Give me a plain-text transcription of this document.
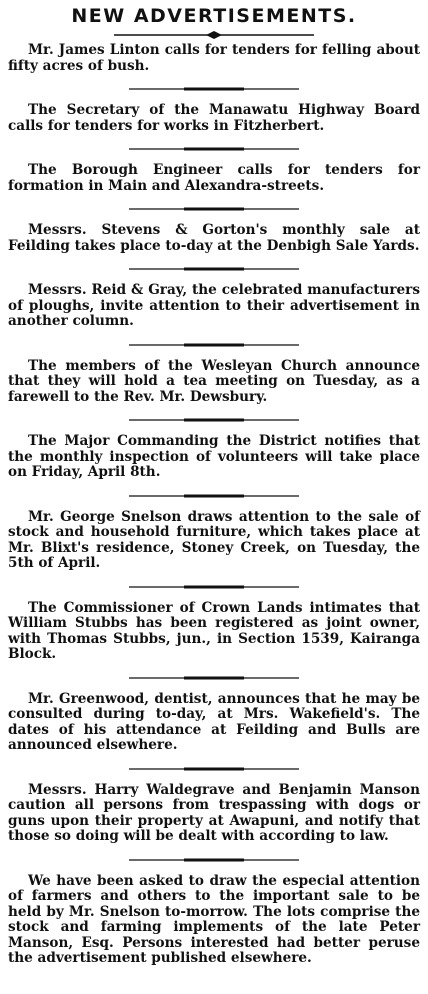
NEW ADVERTISEMENTS.

Mr. James Linton calls for tenders for felling about fifty acres of bush.

The Secretary of the Manawatu Highway Board calls for tenders for works in Fitzherbert.

The Borough Engineer calls for tenders for formation in Main and Alexandra-streets.

Messrs. Stevens & Gorton's monthly sale at Feilding takes place to-day at the Denbigh Sale Yards.

Messrs. Reid & Gray, the celebrated manufacturers of ploughs, invite attention to their advertisement in another column.

The members of the Wesleyan Church announce that they will hold a tea meeting on Tuesday, as a farewell to the Rev. Mr. Dewsbury.

The Major Commanding the District notifies that the monthly inspection of volunteers will take place on Friday, April 8th.

Mr. George Snelson draws attention to the sale of stock and household furniture, which takes place at Mr. Blixt's residence, Stoney Creek, on Tuesday, the 5th of April.

The Commissioner of Crown Lands intimates that William Stubbs has been registered as joint owner, with Thomas Stubbs, jun., in Section 1539, Kairanga Block.

Mr. Greenwood, dentist, announces that he may be consulted during to-day, at Mrs. Wakefield's. The dates of his attendance at Feilding and Bulls are announced elsewhere.

Messrs. Harry Waldegrave and Benjamin Manson caution all persons from trespassing with dogs or guns upon their property at Awapuni, and notify that those so doing will be dealt with according to law.

We have been asked to draw the especial attention of farmers and others to the important sale to be held by Mr. Snelson to-morrow. The lots comprise the stock and farming implements of the late Peter Manson, Esq. Persons interested had better peruse the advertisement published elsewhere.
